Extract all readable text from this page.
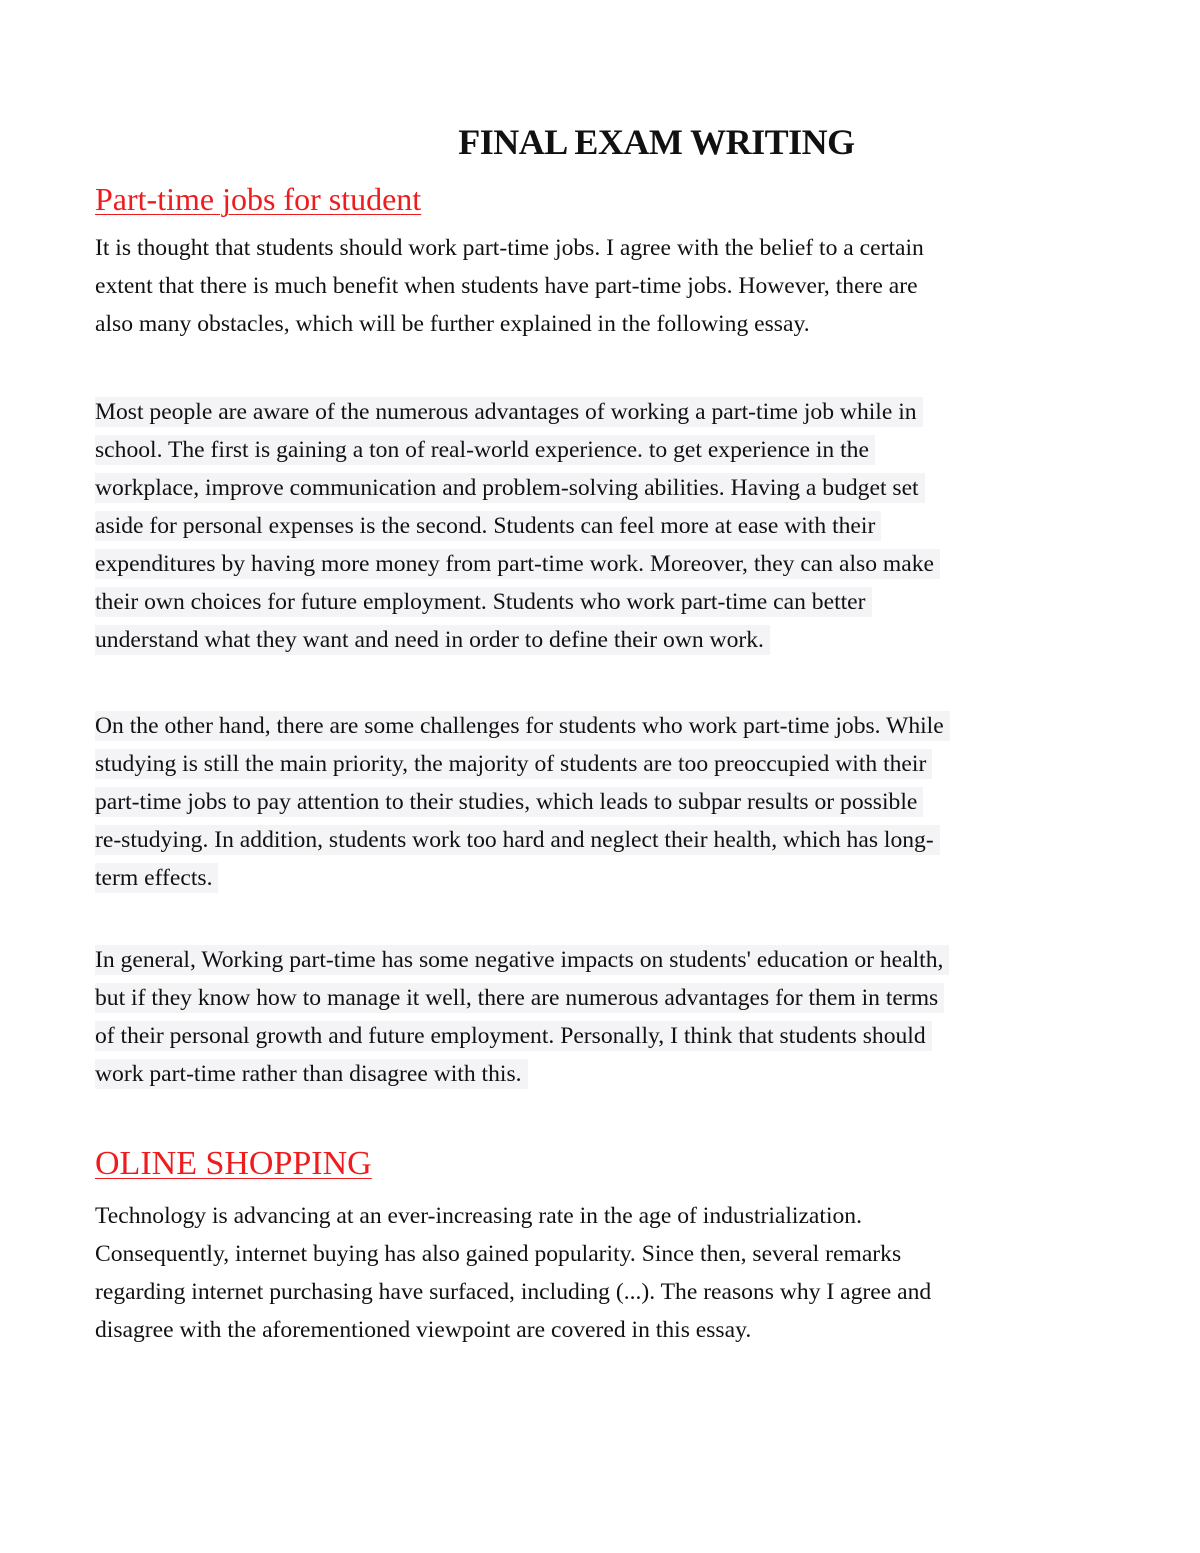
FINAL EXAM WRITING
Part-time jobs for student

It is thought that students should work part-time jobs. I agree with the belief to a certain
extent that there is much benefit when students have part-time jobs. However, there are
also many obstacles, which will be further explained in the following essay.

Most people are aware of the numerous advantages of working a part-time job while in
school. The first is gaining a ton of real-world experience. to get experience in the
workplace, improve communication and problem-solving abilities. Having a budget set
aside for personal expenses is the second. Students can feel more at ease with their
expenditures by having more money from part-time work. Moreover, they can also make
their own choices for future employment. Students who work part-time can better
understand what they want and need in order to define their own work.

On the other hand, there are some challenges for students who work part-time jobs. While
studying is still the main priority, the majority of students are too preoccupied with their
part-time jobs to pay attention to their studies, which leads to subpar results or possible
re-studying. In addition, students work too hard and neglect their health, which has long-
term effects.

In general, Working part-time has some negative impacts on students' education or health,
but if they know how to manage it well, there are numerous advantages for them in terms
of their personal growth and future employment. Personally, I think that students should
work part-time rather than disagree with this.

OLINE SHOPPING

Technology is advancing at an ever-increasing rate in the age of industrialization.
Consequently, internet buying has also gained popularity. Since then, several remarks
regarding internet purchasing have surfaced, including (...). The reasons why I agree and
disagree with the aforementioned viewpoint are covered in this essay.
